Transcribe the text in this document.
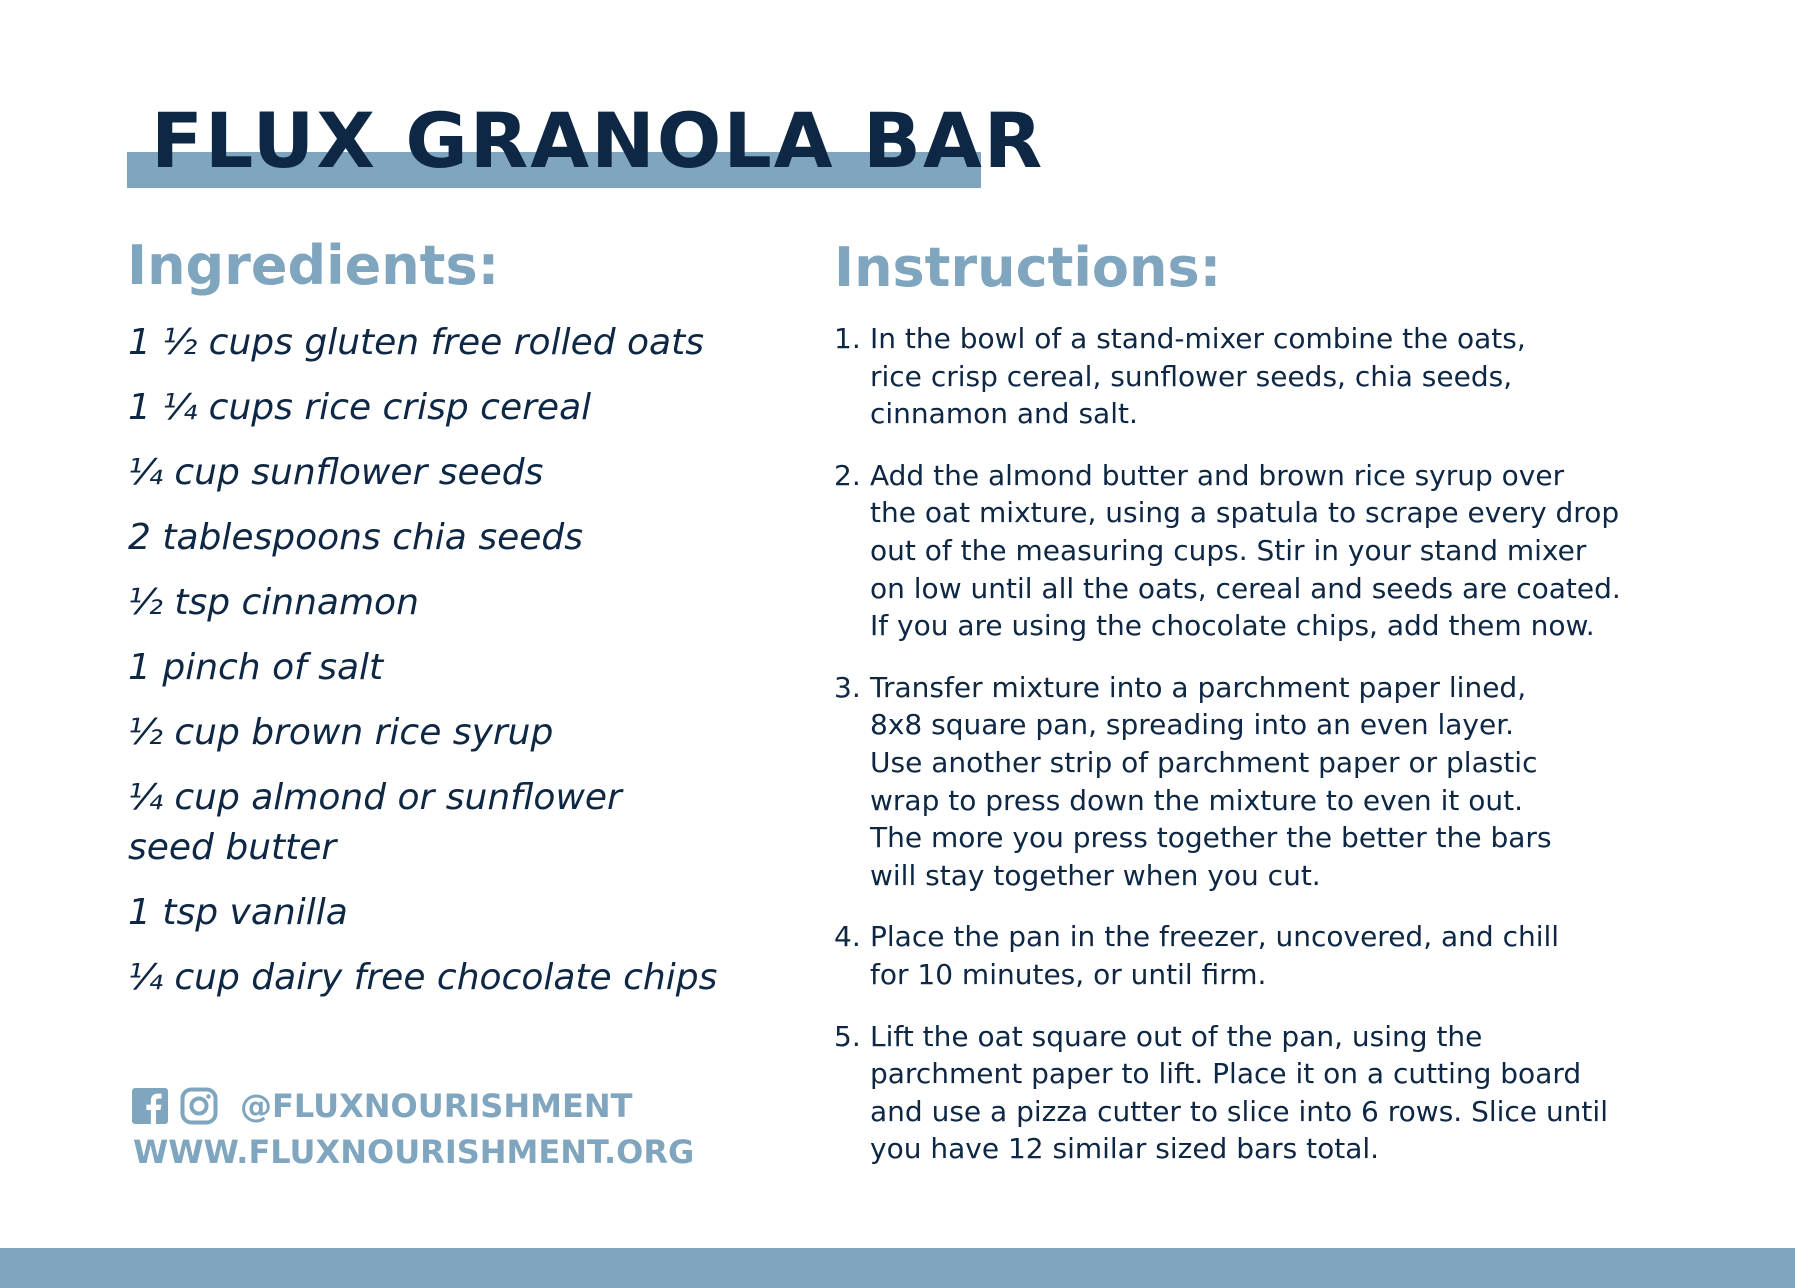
FLUX GRANOLA BAR
Ingredients:
1 ½ cups gluten free rolled oats
1 ¼ cups rice crisp cereal
¼ cup sunflower seeds
2 tablespoons chia seeds
½ tsp cinnamon
1 pinch of salt
½ cup brown rice syrup
¼ cup almond or sunflower seed butter
1 tsp vanilla
¼ cup dairy free chocolate chips
Instructions:
1. In the bowl of a stand-mixer combine the oats,
rice crisp cereal, sunflower seeds, chia seeds,
cinnamon and salt.
2. Add the almond butter and brown rice syrup over
the oat mixture, using a spatula to scrape every drop
out of the measuring cups. Stir in your stand mixer
on low until all the oats, cereal and seeds are coated.
If you are using the chocolate chips, add them now.
3. Transfer mixture into a parchment paper lined,
8x8 square pan, spreading into an even layer.
Use another strip of parchment paper or plastic
wrap to press down the mixture to even it out.
The more you press together the better the bars
will stay together when you cut.
4. Place the pan in the freezer, uncovered, and chill
for 10 minutes, or until firm.
5. Lift the oat square out of the pan, using the
parchment paper to lift. Place it on a cutting board
and use a pizza cutter to slice into 6 rows. Slice until
you have 12 similar sized bars total.
@FLUXNOURISHMENT
WWW.FLUXNOURISHMENT.ORG
